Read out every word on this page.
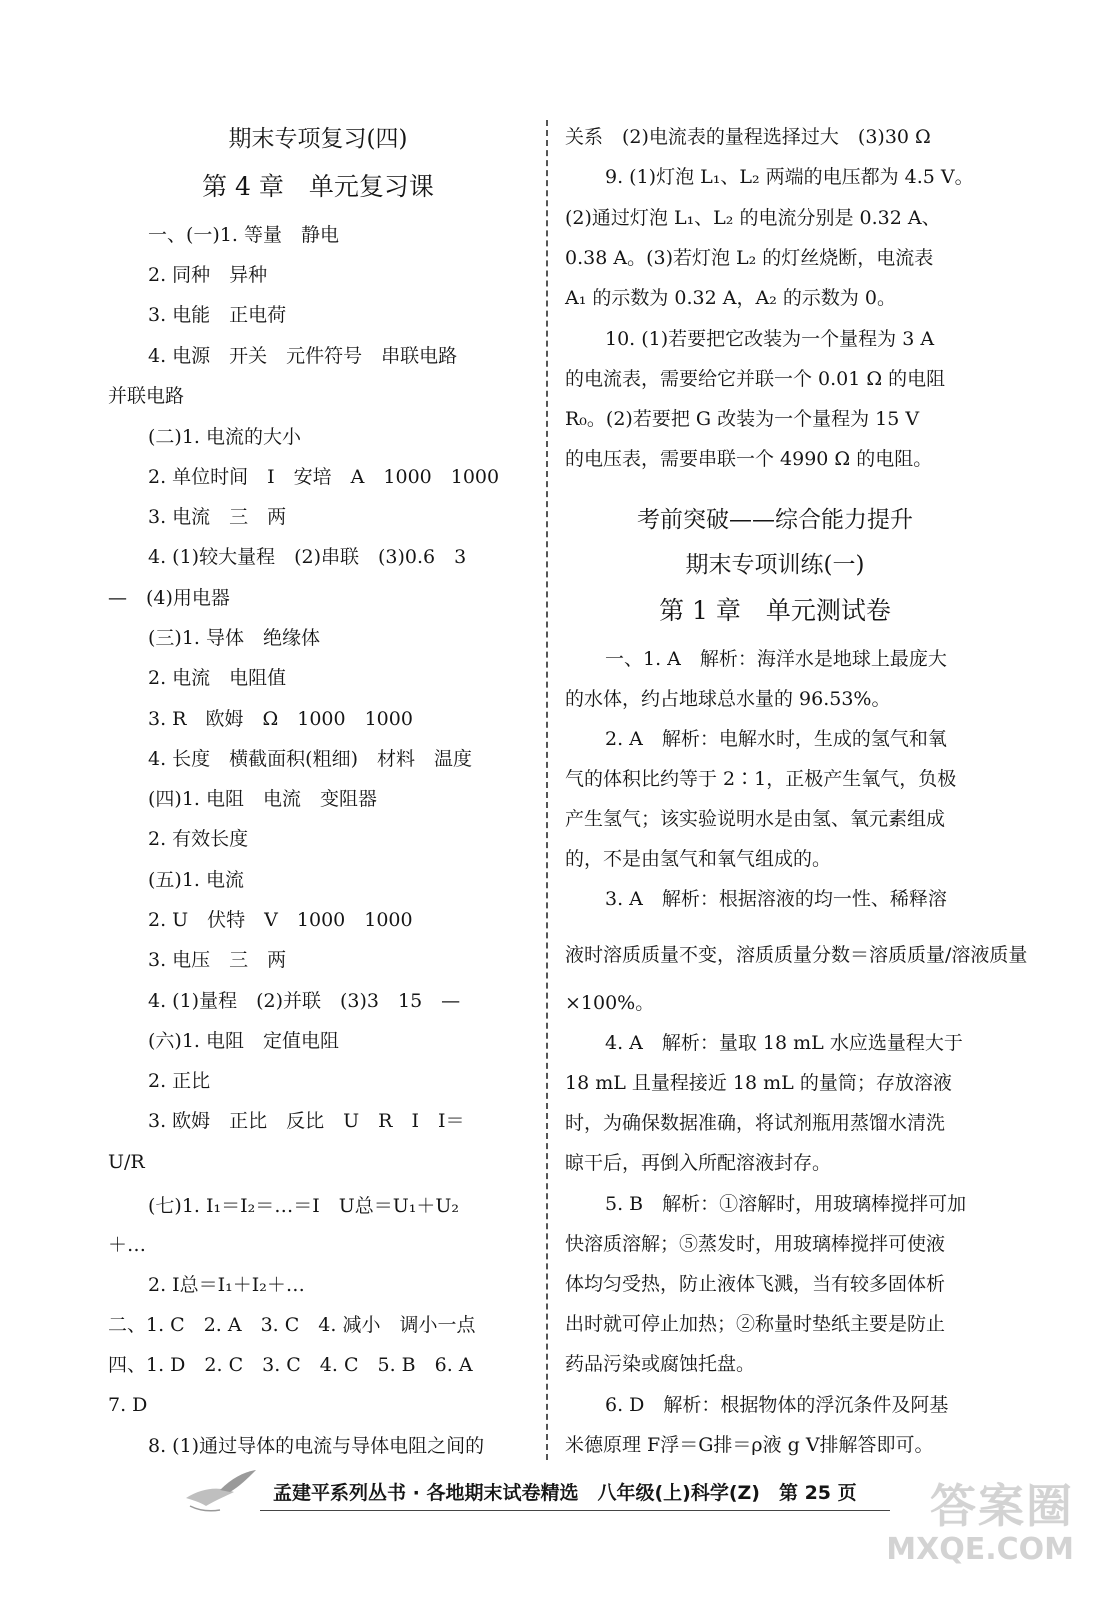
期末专项复习(四)
第 4 章　单元复习课
一、(一)1. 等量　静电
2. 同种　异种
3. 电能　正电荷
4. 电源　开关　元件符号　串联电路
并联电路
(二)1. 电流的大小
2. 单位时间　I　安培　A　1000　1000
3. 电流　三　两
4. (1)较大量程　(2)串联　(3)0.6　3
—　(4)用电器
(三)1. 导体　绝缘体
2. 电流　电阻值
3. R　欧姆　Ω　1000　1000
4. 长度　横截面积(粗细)　材料　温度
(四)1. 电阻　电流　变阻器
2. 有效长度
(五)1. 电流
2. U　伏特　V　1000　1000
3. 电压　三　两
4. (1)量程　(2)并联　(3)3　15　—
(六)1. 电阻　定值电阻
2. 正比
3. 欧姆　正比　反比　U　R　I　I＝
U/R
(七)1. I₁＝I₂＝…＝I　U总＝U₁＋U₂
＋…
2. I总＝I₁＋I₂＋…
二、1. C　2. A　3. C　4. 减小　调小一点
四、1. D　2. C　3. C　4. C　5. B　6. A
7. D
8. (1)通过导体的电流与导体电阻之间的
关系　(2)电流表的量程选择过大　(3)30 Ω
9. (1)灯泡 L₁、L₂ 两端的电压都为 4.5 V。
(2)通过灯泡 L₁、L₂ 的电流分别是 0.32 A、
0.38 A。(3)若灯泡 L₂ 的灯丝烧断，电流表
A₁ 的示数为 0.32 A，A₂ 的示数为 0。
10. (1)若要把它改装为一个量程为 3 A
的电流表，需要给它并联一个 0.01 Ω 的电阻
R₀。(2)若要把 G 改装为一个量程为 15 V
的电压表，需要串联一个 4990 Ω 的电阻。
考前突破——综合能力提升
期末专项训练(一)
第 1 章　单元测试卷
一、1. A　解析：海洋水是地球上最庞大
的水体，约占地球总水量的 96.53%。
2. A　解析：电解水时，生成的氢气和氧
气的体积比约等于 2∶1，正极产生氧气，负极
产生氢气；该实验说明水是由氢、氧元素组成
的，不是由氢气和氧气组成的。
3. A　解析：根据溶液的均一性、稀释溶
液时溶质质量不变，溶质质量分数＝溶质质量/溶液质量
×100%。
4. A　解析：量取 18 mL 水应选量程大于
18 mL 且量程接近 18 mL 的量筒；存放溶液
时，为确保数据准确，将试剂瓶用蒸馏水清洗
晾干后，再倒入所配溶液封存。
5. B　解析：①溶解时，用玻璃棒搅拌可加
快溶质溶解；⑤蒸发时，用玻璃棒搅拌可使液
体均匀受热，防止液体飞溅，当有较多固体析
出时就可停止加热；②称量时垫纸主要是防止
药品污染或腐蚀托盘。
6. D　解析：根据物体的浮沉条件及阿基
米德原理 F浮＝G排＝ρ液 g V排解答即可。
孟建平系列丛书 · 各地期末试卷精选　八年级(上)科学(Z)　第 25 页	答案圈
MXQE.COM
